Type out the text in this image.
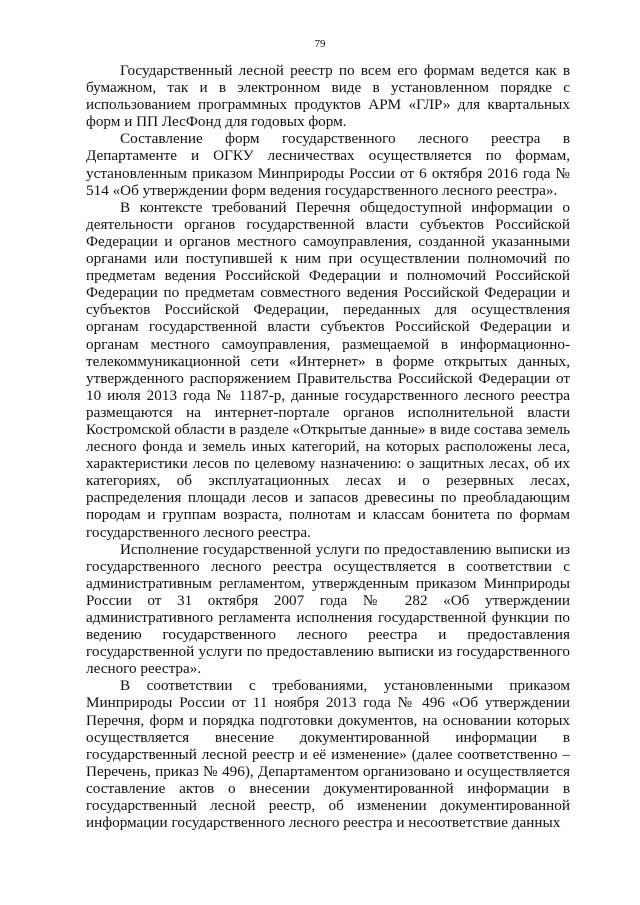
79

Государственный лесной реестр по всем его формам ведется как в бумажном, так и в электронном виде в установленном порядке с использованием программных продуктов АРМ «ГЛР» для квартальных форм и ПП ЛесФонд для годовых форм.

Составление форм государственного лесного реестра в Департаменте и ОГКУ лесничествах осуществляется по формам, установленным приказом Минприроды России от 6 октября 2016 года № 514 «Об утверждении форм ведения государственного лесного реестра».

В контексте требований Перечня общедоступной информации о деятельности органов государственной власти субъектов Российской Федерации и органов местного самоуправления, созданной указанными органами или поступившей к ним при осуществлении полномочий по предметам ведения Российской Федерации и полномочий Российской Федерации по предметам совместного ведения Российской Федерации и субъектов Российской Федерации, переданных для осуществления органам государственной власти субъектов Российской Федерации и органам местного самоуправления, размещаемой в информационно-телекоммуникационной сети «Интернет» в форме открытых данных, утвержденного распоряжением Правительства Российской Федерации от 10 июля 2013 года № 1187-р, данные государственного лесного реестра размещаются на интернет-портале органов исполнительной власти Костромской области в разделе «Открытые данные» в виде состава земель лесного фонда и земель иных категорий, на которых расположены леса, характеристики лесов по целевому назначению: о защитных лесах, об их категориях, об эксплуатационных лесах и о резервных лесах, распределения площади лесов и запасов древесины по преобладающим породам и группам возраста, полнотам и классам бонитета по формам государственного лесного реестра.

Исполнение государственной услуги по предоставлению выписки из государственного лесного реестра осуществляется в соответствии с административным регламентом, утвержденным приказом Минприроды России от 31 октября 2007 года № 282 «Об утверждении административного регламента исполнения государственной функции по ведению государственного лесного реестра и предоставления государственной услуги по предоставлению выписки из государственного лесного реестра».

В соответствии с требованиями, установленными приказом Минприроды России от 11 ноября 2013 года № 496 «Об утверждении Перечня, форм и порядка подготовки документов, на основании которых осуществляется внесение документированной информации в государственный лесной реестр и её изменение» (далее соответственно – Перечень, приказ № 496), Департаментом организовано и осуществляется составление актов о внесении документированной информации в государственный лесной реестр, об изменении документированной информации государственного лесного реестра и несоответствие данных
